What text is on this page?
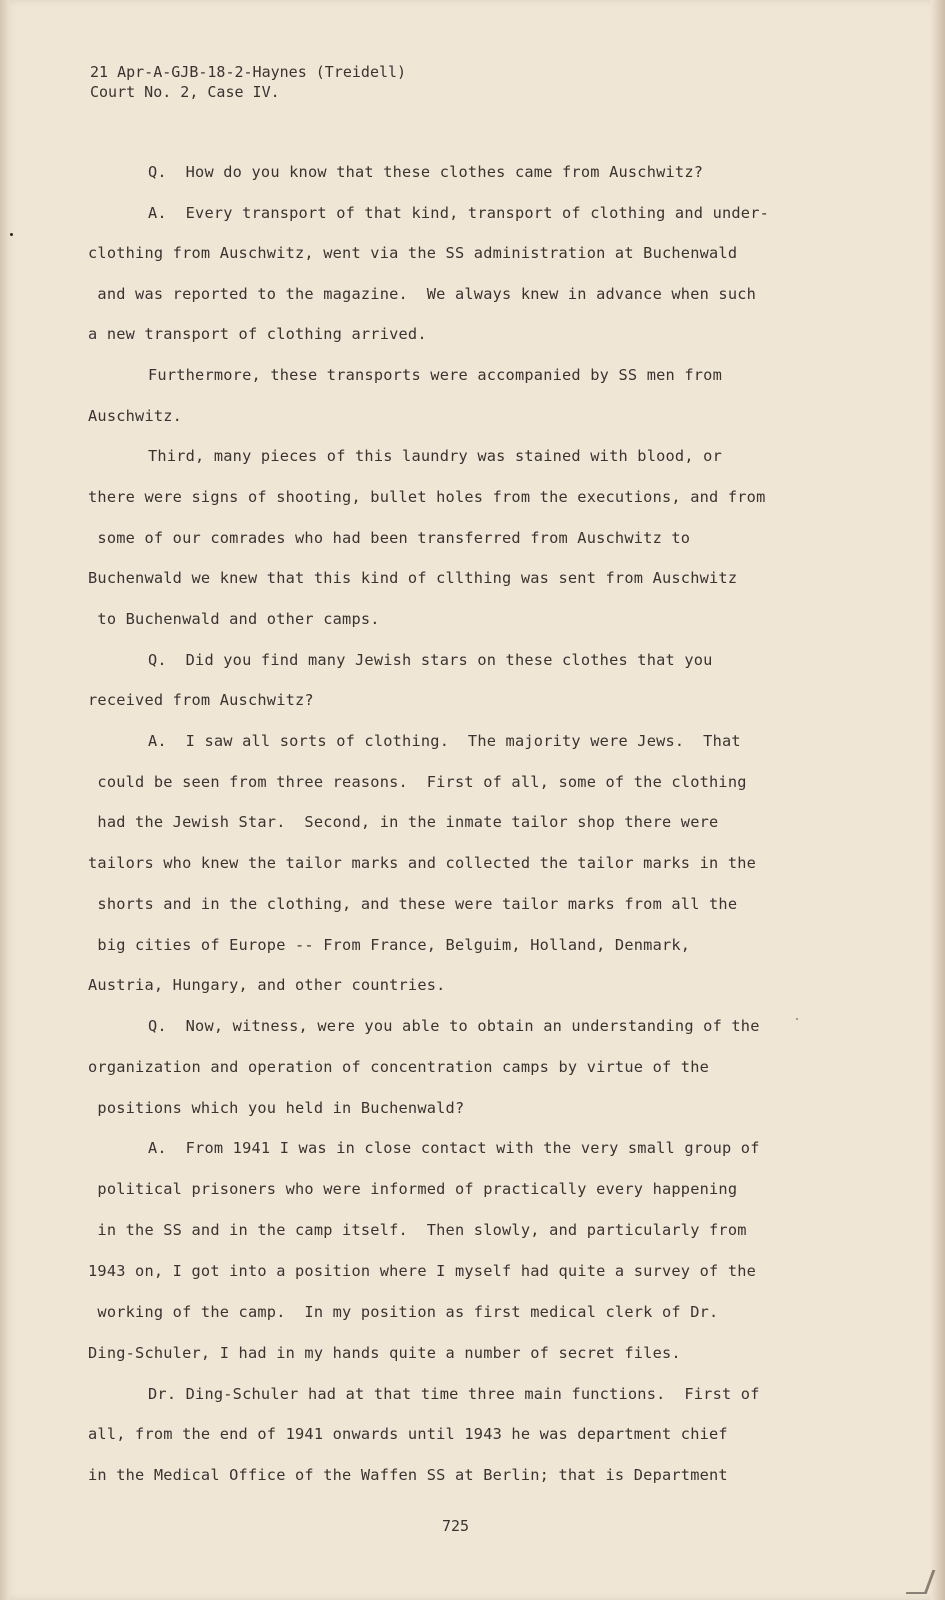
21 Apr-A-GJB-18-2-Haynes (Treidell)
Court No. 2, Case IV.
Q.  How do you know that these clothes came from Auschwitz?
A.  Every transport of that kind, transport of clothing and under-
clothing from Auschwitz, went via the SS administration at Buchenwald
and was reported to the magazine.  We always knew in advance when such
a new transport of clothing arrived.
Furthermore, these transports were accompanied by SS men from
Auschwitz.
Third, many pieces of this laundry was stained with blood, or
there were signs of shooting, bullet holes from the executions, and from
some of our comrades who had been transferred from Auschwitz to
Buchenwald we knew that this kind of cllthing was sent from Auschwitz
to Buchenwald and other camps.
Q.  Did you find many Jewish stars on these clothes that you
received from Auschwitz?
A.  I saw all sorts of clothing.  The majority were Jews.  That
could be seen from three reasons.  First of all, some of the clothing
had the Jewish Star.  Second, in the inmate tailor shop there were
tailors who knew the tailor marks and collected the tailor marks in the
shorts and in the clothing, and these were tailor marks from all the
big cities of Europe -- From France, Belguim, Holland, Denmark,
Austria, Hungary, and other countries.
Q.  Now, witness, were you able to obtain an understanding of the
organization and operation of concentration camps by virtue of the
positions which you held in Buchenwald?
A.  From 1941 I was in close contact with the very small group of
political prisoners who were informed of practically every happening
in the SS and in the camp itself.  Then slowly, and particularly from
1943 on, I got into a position where I myself had quite a survey of the
working of the camp.  In my position as first medical clerk of Dr.
Ding-Schuler, I had in my hands quite a number of secret files.
Dr. Ding-Schuler had at that time three main functions.  First of
all, from the end of 1941 onwards until 1943 he was department chief
in the Medical Office of the Waffen SS at Berlin; that is Department
725
